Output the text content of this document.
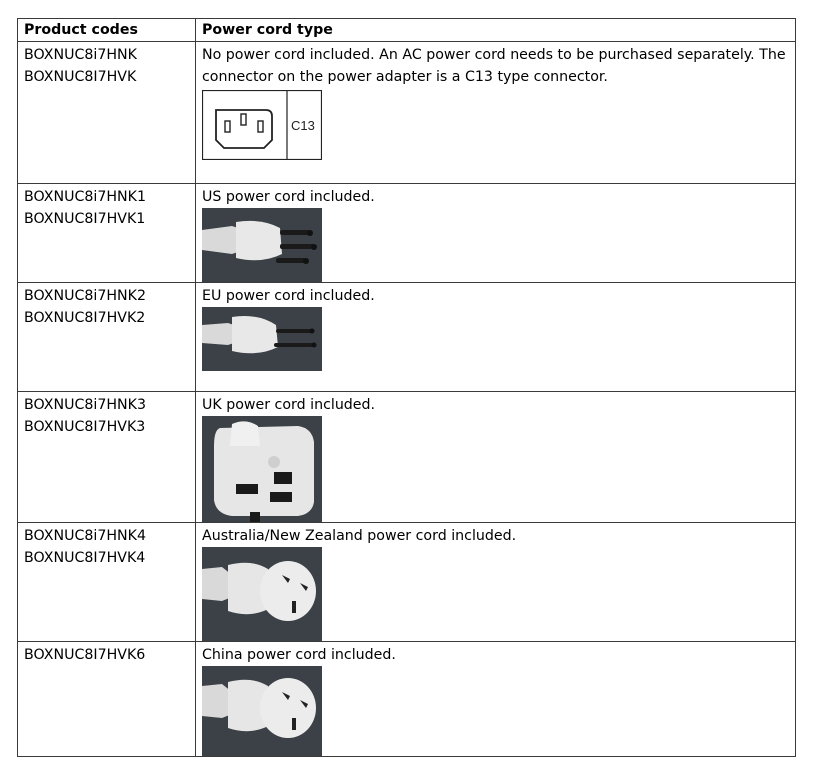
Product codes	Power cord type

BOXNUC8i7HNK
BOXNUC8I7HVK	No power cord included. An AC power cord needs to be purchased separately. The connector on the power adapter is a C13 type connector.
C13

BOXNUC8i7HNK1
BOXNUC8I7HVK1	US power cord included.

BOXNUC8i7HNK2
BOXNUC8I7HVK2	EU power cord included.

BOXNUC8i7HNK3
BOXNUC8I7HVK3	UK power cord included.

BOXNUC8i7HNK4
BOXNUC8I7HVK4	Australia/New Zealand power cord included.

BOXNUC8I7HVK6	China power cord included.
